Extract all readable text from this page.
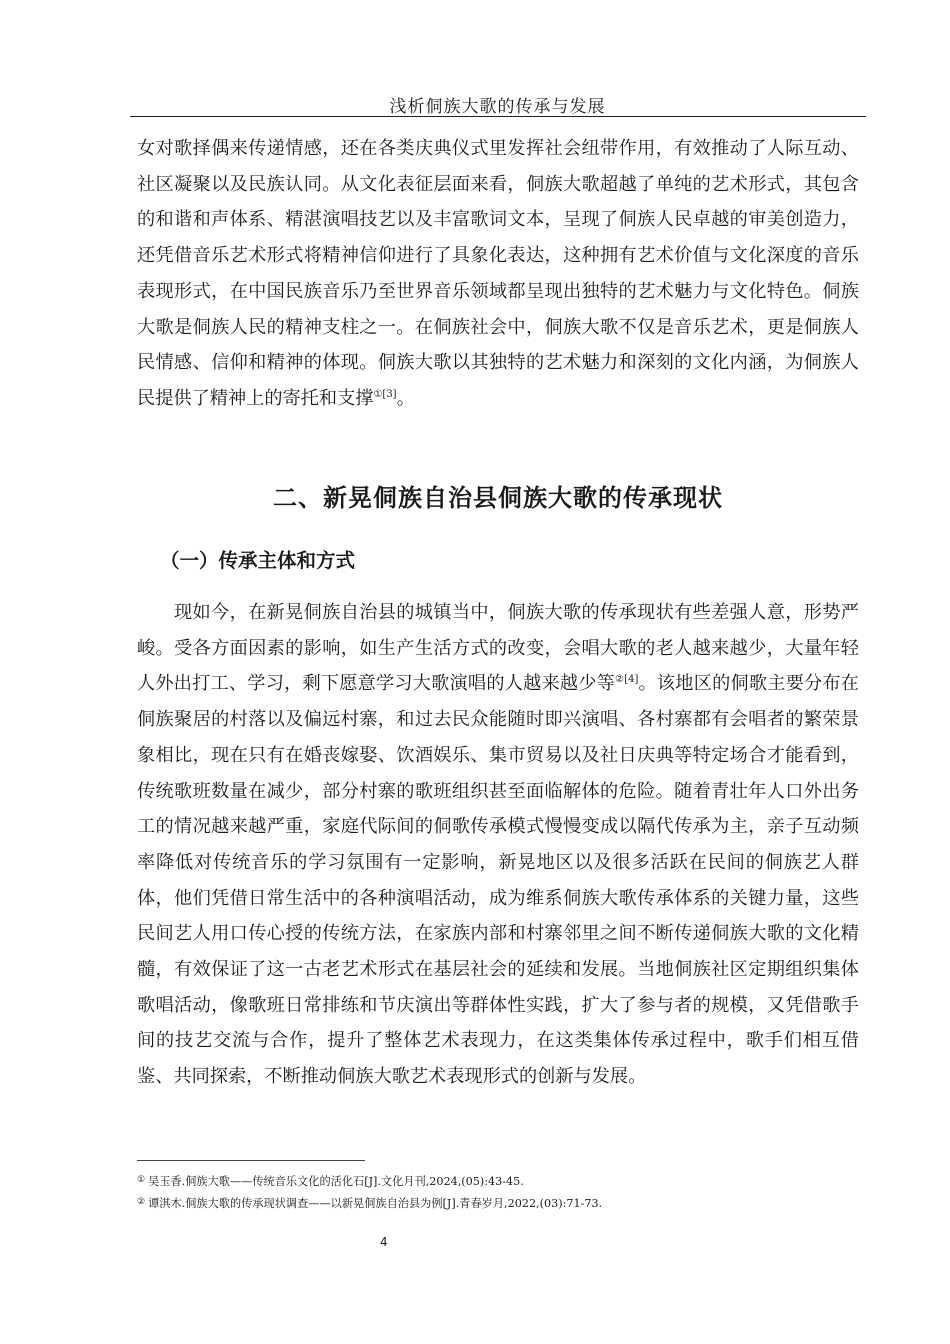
浅析侗族大歌的传承与发展

女对歌择偶来传递情感，还在各类庆典仪式里发挥社会纽带作用，有效推动了人际互动、社区凝聚以及民族认同。从文化表征层面来看，侗族大歌超越了单纯的艺术形式，其包含的和谐和声体系、精湛演唱技艺以及丰富歌词文本，呈现了侗族人民卓越的审美创造力，还凭借音乐艺术形式将精神信仰进行了具象化表达，这种拥有艺术价值与文化深度的音乐表现形式，在中国民族音乐乃至世界音乐领域都呈现出独特的艺术魅力与文化特色。侗族大歌是侗族人民的精神支柱之一。在侗族社会中，侗族大歌不仅是音乐艺术，更是侗族人民情感、信仰和精神的体现。侗族大歌以其独特的艺术魅力和深刻的文化内涵，为侗族人民提供了精神上的寄托和支撑$^{①[3]}$。

二、新晃侗族自治县侗族大歌的传承现状
（一）传承主体和方式

现如今，在新晃侗族自治县的城镇当中，侗族大歌的传承现状有些差强人意，形势严峻。受各方面因素的影响，如生产生活方式的改变，会唱大歌的老人越来越少，大量年轻人外出打工、学习，剩下愿意学习大歌演唱的人越来越少等$^{②[4]}$。该地区的侗歌主要分布在侗族聚居的村落以及偏远村寨，和过去民众能随时即兴演唱、各村寨都有会唱者的繁荣景象相比，现在只有在婚丧嫁娶、饮酒娱乐、集市贸易以及社日庆典等特定场合才能看到，传统歌班数量在减少，部分村寨的歌班组织甚至面临解体的危险。随着青壮年人口外出务工的情况越来越严重，家庭代际间的侗歌传承模式慢慢变成以隔代传承为主，亲子互动频率降低对传统音乐的学习氛围有一定影响，新晃地区以及很多活跃在民间的侗族艺人群体，他们凭借日常生活中的各种演唱活动，成为维系侗族大歌传承体系的关键力量，这些民间艺人用口传心授的传统方法，在家族内部和村寨邻里之间不断传递侗族大歌的文化精髓，有效保证了这一古老艺术形式在基层社会的延续和发展。当地侗族社区定期组织集体歌唱活动，像歌班日常排练和节庆演出等群体性实践，扩大了参与者的规模，又凭借歌手间的技艺交流与合作，提升了整体艺术表现力，在这类集体传承过程中，歌手们相互借鉴、共同探索，不断推动侗族大歌艺术表现形式的创新与发展。

① 吴玉香.侗族大歌——传统音乐文化的活化石[J].文化月刊,2024,(05):43-45.
② 谭淇木.侗族大歌的传承现状调查——以新晃侗族自治县为例[J].青春岁月,2022,(03):71-73.
4
